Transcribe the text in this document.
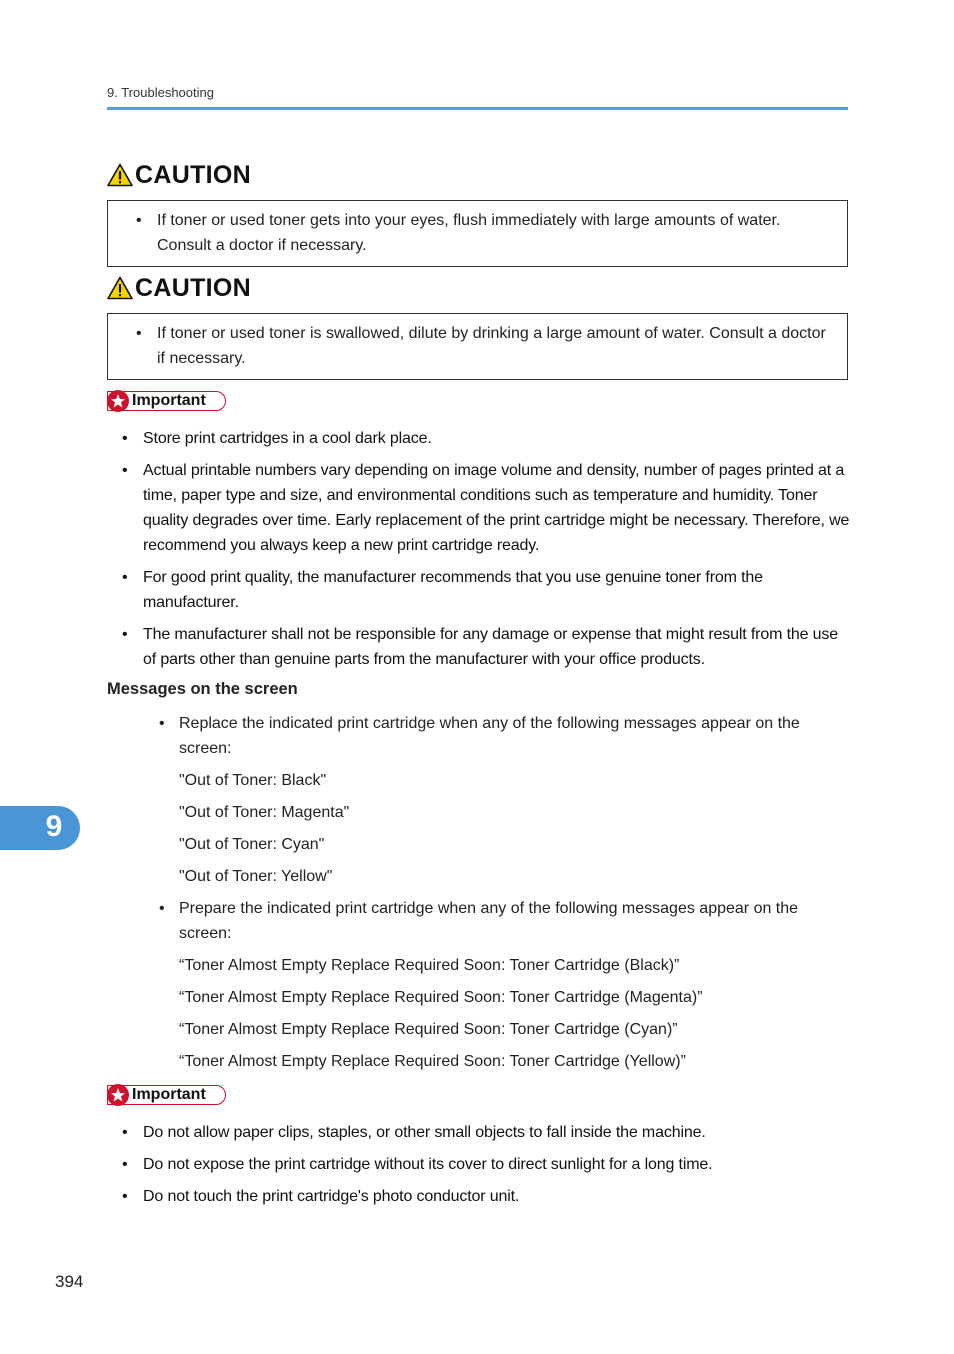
9. Troubleshooting
CAUTION
• If toner or used toner gets into your eyes, flush immediately with large amounts of water. Consult a doctor if necessary.
CAUTION
• If toner or used toner is swallowed, dilute by drinking a large amount of water. Consult a doctor if necessary.
Important
• Store print cartridges in a cool dark place.
• Actual printable numbers vary depending on image volume and density, number of pages printed at a time, paper type and size, and environmental conditions such as temperature and humidity. Toner quality degrades over time. Early replacement of the print cartridge might be necessary. Therefore, we recommend you always keep a new print cartridge ready.
• For good print quality, the manufacturer recommends that you use genuine toner from the manufacturer.
• The manufacturer shall not be responsible for any damage or expense that might result from the use of parts other than genuine parts from the manufacturer with your office products.
Messages on the screen
• Replace the indicated print cartridge when any of the following messages appear on the screen:
"Out of Toner: Black"
"Out of Toner: Magenta"
"Out of Toner: Cyan"
"Out of Toner: Yellow"
• Prepare the indicated print cartridge when any of the following messages appear on the screen:
“Toner Almost Empty Replace Required Soon: Toner Cartridge (Black)”
“Toner Almost Empty Replace Required Soon: Toner Cartridge (Magenta)”
“Toner Almost Empty Replace Required Soon: Toner Cartridge (Cyan)”
“Toner Almost Empty Replace Required Soon: Toner Cartridge (Yellow)”
Important
• Do not allow paper clips, staples, or other small objects to fall inside the machine.
• Do not expose the print cartridge without its cover to direct sunlight for a long time.
• Do not touch the print cartridge's photo conductor unit.
9
394
